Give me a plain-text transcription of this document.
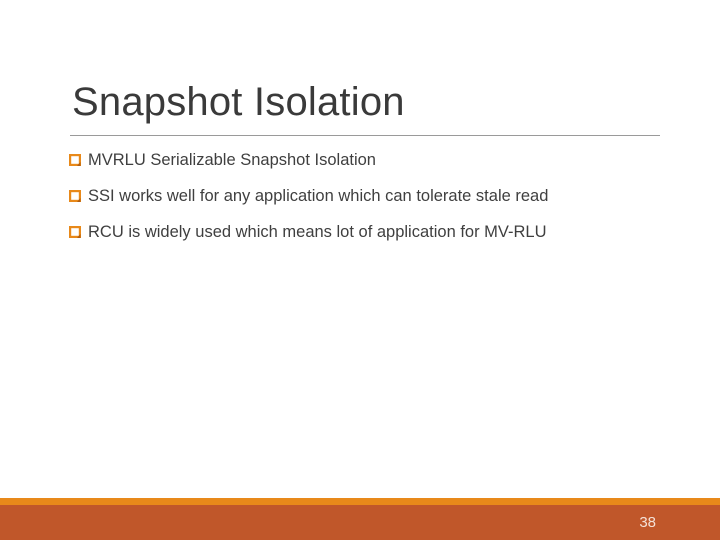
Snapshot Isolation
MVRLU Serializable Snapshot Isolation
SSI works well for any application which can tolerate stale read
RCU is widely used which means lot of application for MV-RLU
38
